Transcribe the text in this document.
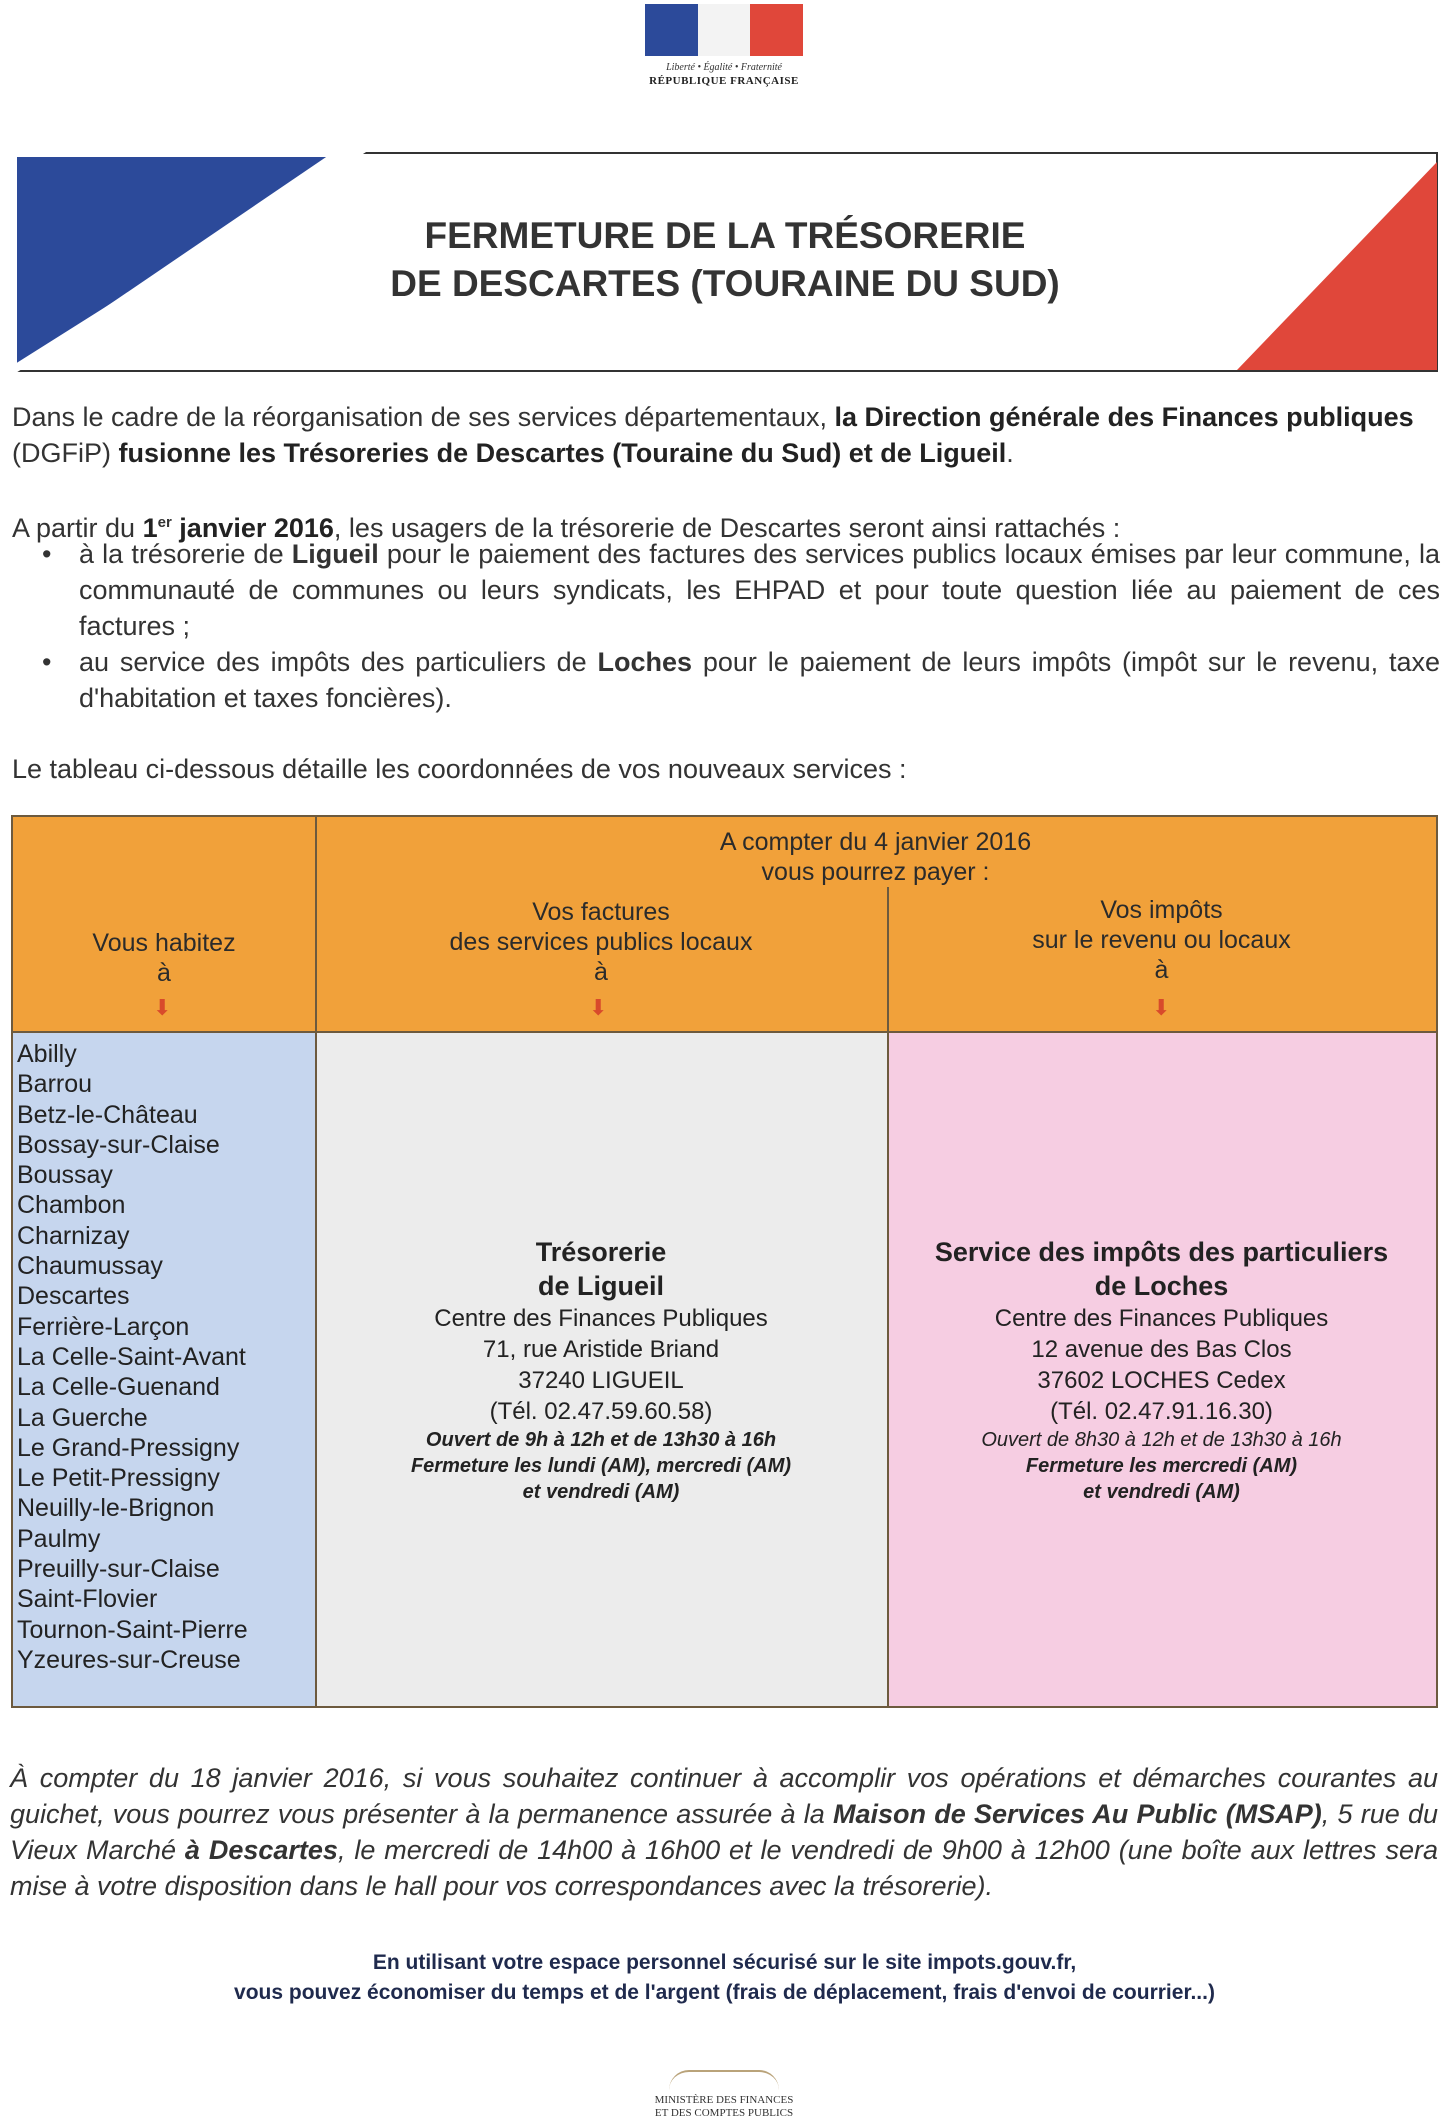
Liberté • Égalité • Fraternité
RÉPUBLIQUE FRANÇAISE
FERMETURE DE LA TRÉSORERIE
DE DESCARTES (TOURAINE DU SUD)

Dans le cadre de la réorganisation de ses services départementaux, la Direction générale des Finances publiques (DGFiP) fusionne les Trésoreries de Descartes (Touraine du Sud) et de Ligueil.

A partir du 1er janvier 2016, les usagers de la trésorerie de Descartes seront ainsi rattachés :

• à la trésorerie de Ligueil pour le paiement des factures des services publics locaux émises par leur commune, la communauté de communes ou leurs syndicats, les EHPAD et pour toute question liée au paiement de ces factures ;
• au service des impôts des particuliers de Loches pour le paiement de leurs impôts (impôt sur le revenu, taxe d'habitation et taxes foncières).

Le tableau ci-dessous détaille les coordonnées de vos nouveaux services :

A compter du 4 janvier 2016
vous pourrez payer :
Vous habitez
à
⬇
Vos factures
des services publics locaux
à
⬇
Vos impôts
sur le revenu ou locaux
à
⬇
Abilly
Barrou
Betz-le-Château
Bossay-sur-Claise
Boussay
Chambon
Charnizay
Chaumussay
Descartes
Ferrière-Larçon
La Celle-Saint-Avant
La Celle-Guenand
La Guerche
Le Grand-Pressigny
Le Petit-Pressigny
Neuilly-le-Brignon
Paulmy
Preuilly-sur-Claise
Saint-Flovier
Tournon-Saint-Pierre
Yzeures-sur-Creuse
Trésorerie
de Ligueil
Centre des Finances Publiques
71, rue Aristide Briand
37240 LIGUEIL
(Tél. 02.47.59.60.58)
Ouvert de 9h à 12h et de 13h30 à 16h
Fermeture les lundi (AM), mercredi (AM)
et vendredi (AM)
Service des impôts des particuliers
de Loches
Centre des Finances Publiques
12 avenue des Bas Clos
37602 LOCHES Cedex
(Tél. 02.47.91.16.30)
Ouvert de 8h30 à 12h et de 13h30 à 16h
Fermeture les mercredi (AM)
et vendredi (AM)

À compter du 18 janvier 2016, si vous souhaitez continuer à accomplir vos opérations et démarches courantes au guichet, vous pourrez vous présenter à la permanence assurée à la Maison de Services Au Public (MSAP), 5 rue du Vieux Marché à Descartes, le mercredi de 14h00 à 16h00 et le vendredi de 9h00 à 12h00 (une boîte aux lettres sera mise à votre disposition dans le hall pour vos correspondances avec la trésorerie).

En utilisant votre espace personnel sécurisé sur le site impots.gouv.fr,
vous pouvez économiser du temps et de l'argent (frais de déplacement, frais d'envoi de courrier...)
MINISTÈRE DES FINANCES
ET DES COMPTES PUBLICS
